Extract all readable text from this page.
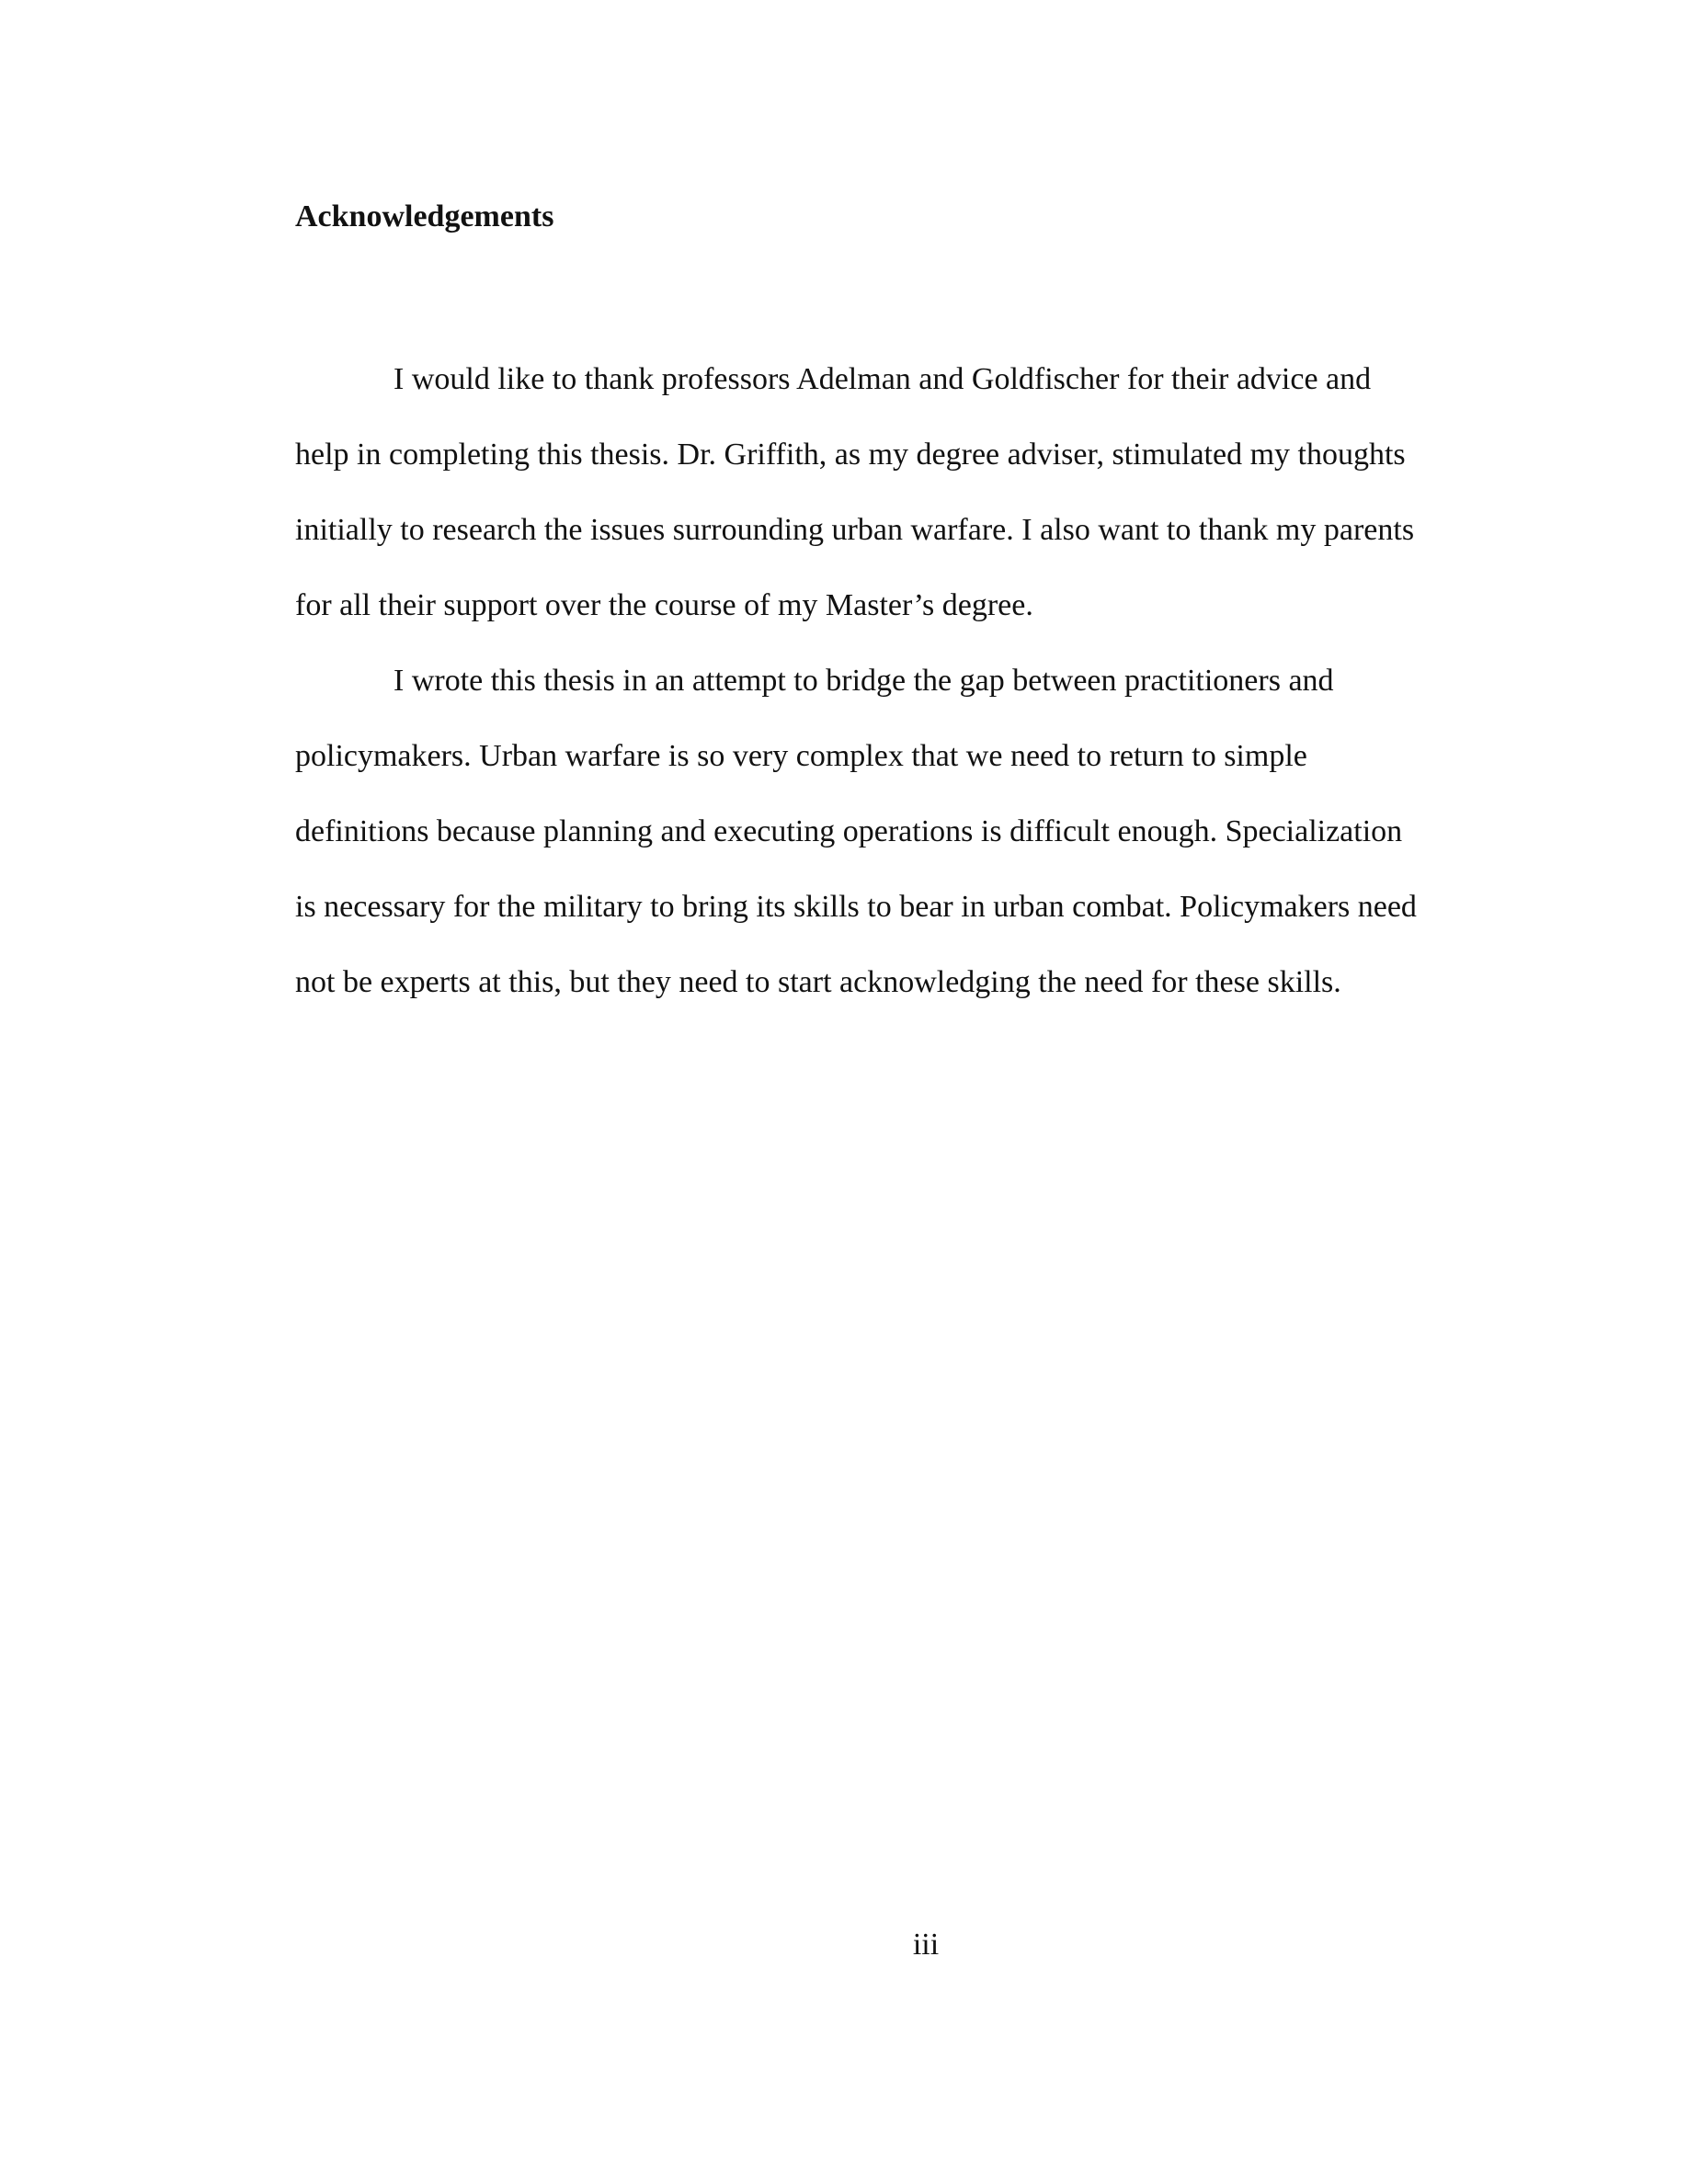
Acknowledgements

I would like to thank professors Adelman and Goldfischer for their advice and

help in completing this thesis. Dr. Griffith, as my degree adviser, stimulated my thoughts

initially to research the issues surrounding urban warfare. I also want to thank my parents

for all their support over the course of my Master’s degree.

I wrote this thesis in an attempt to bridge the gap between practitioners and

policymakers. Urban warfare is so very complex that we need to return to simple

definitions because planning and executing operations is difficult enough. Specialization

is necessary for the military to bring its skills to bear in urban combat. Policymakers need

not be experts at this, but they need to start acknowledging the need for these skills.

iii
